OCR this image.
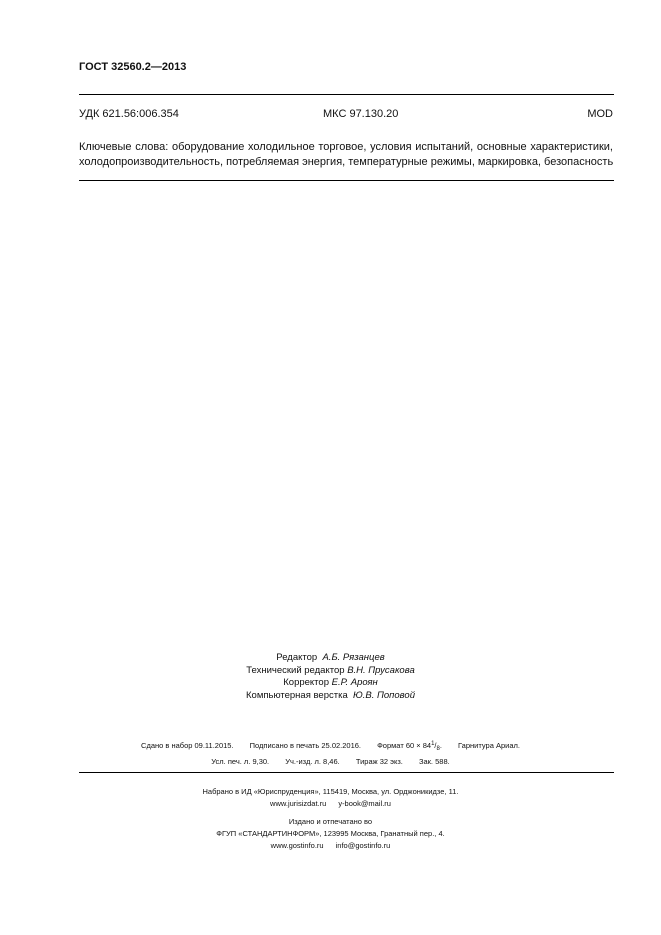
ГОСТ 32560.2—2013
УДК 621.56:006.354	МКС 97.130.20	MOD
Ключевые слова: оборудование холодильное торговое, условия испытаний, основные характеристики,
холодопроизводительность, потребляемая энергия, температурные режимы, маркировка, безопасность
Редактор А.Б. Рязанцев
Технический редактор В.Н. Прусакова
Корректор Е.Р. Ароян
Компьютерная верстка Ю.В. Поповой
Сдано в набор 09.11.2015. Подписано в печать 25.02.2016. Формат $60 \times 84^1/_8$. Гарнитура Ариал.
Усл. печ. л. 9,30. Уч.-изд. л. 8,46. Тираж 32 экз. Зак. 588.
Набрано в ИД «Юриспруденция», 115419, Москва, ул. Орджоникидзе, 11.
www.jurisizdat.ru y-book@mail.ru
Издано и отпечатано во
ФГУП «СТАНДАРТИНФОРМ», 123995 Москва, Гранатный пер., 4.
www.gostinfo.ru info@gostinfo.ru
